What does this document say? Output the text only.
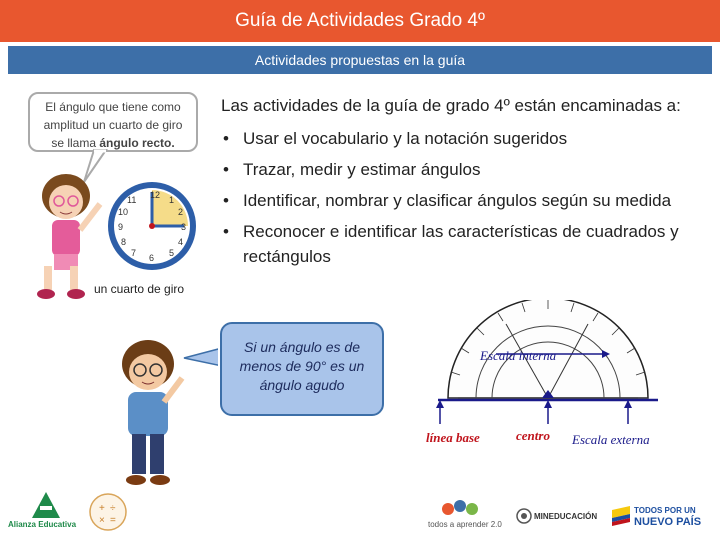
Guía de Actividades Grado 4º
Actividades propuestas en la guía
Las actividades de la guía de grado 4º están encaminadas a:
• Usar el vocabulario y la notación sugeridos
• Trazar, medir y estimar ángulos
• Identificar, nombrar y clasificar ángulos según su medida
• Reconocer e identificar las características de cuadrados y rectángulos
El ángulo que tiene como
amplitud un cuarto de giro
se llama ángulo recto.
12 1
2
3
4
5
6
7
8
9
10
11
un cuarto de giro
Si un ángulo es de menos de 90° es un ángulo agudo
Escala interna
línea base	centro Escala externa
Alianza Educativa
+ ÷
× =	todos a aprender 2.0
MINEDUCACIÓN
TODOS POR UN
NUEVO PAÍS
